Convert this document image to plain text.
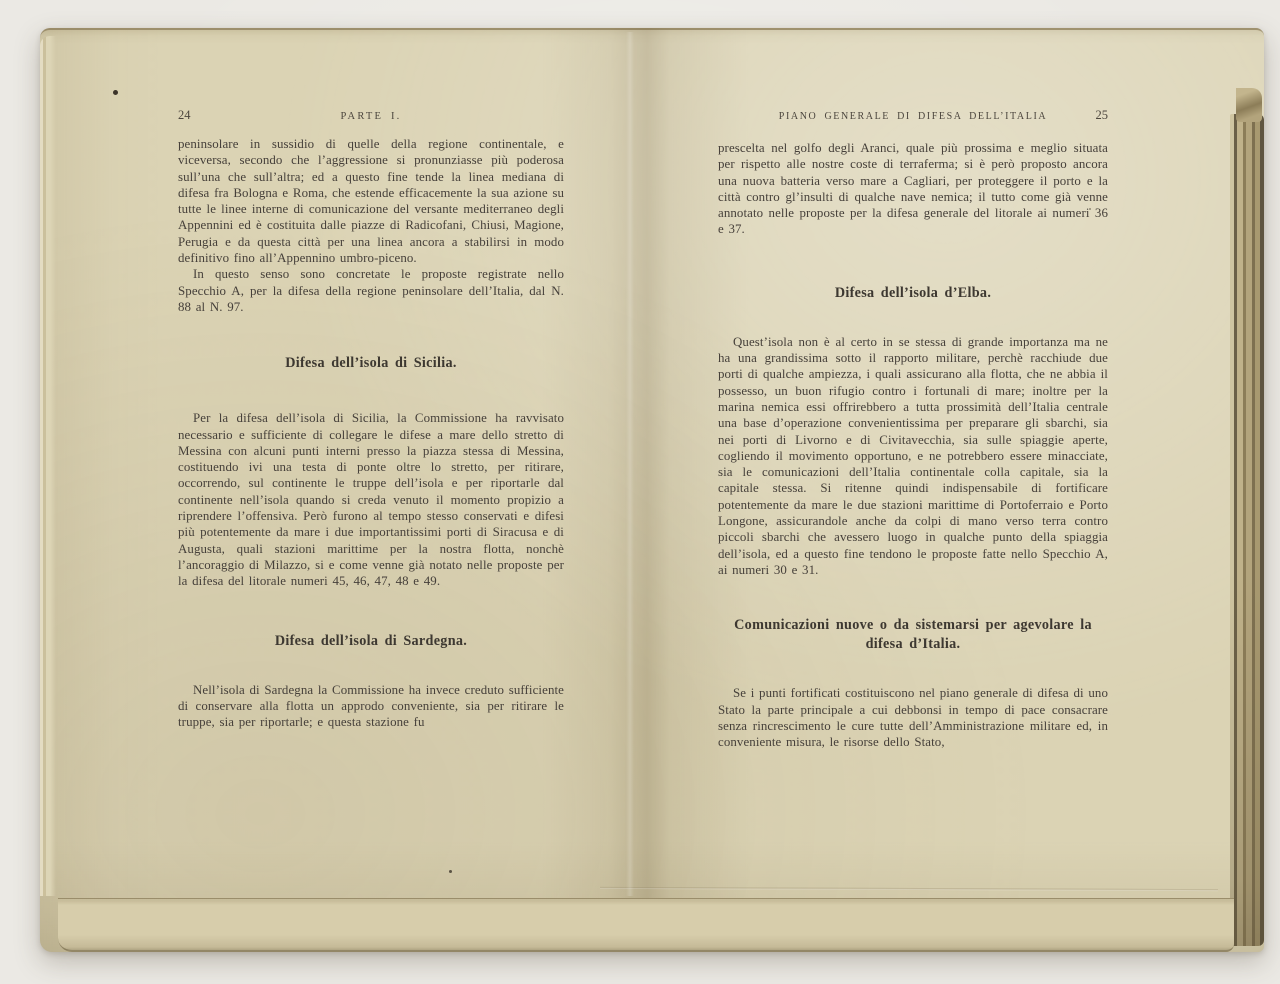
24	PARTE I.

peninsolare in sussidio di quelle della regione continentale, e viceversa, secondo che l’aggressione si pronunziasse più poderosa sull’una che sull’altra; ed a questo fine tende la linea mediana di difesa fra Bologna e Roma, che estende efficacemente la sua azione su tutte le linee interne di comunicazione del versante mediterraneo degli Appennini ed è costituita dalle piazze di Radicofani, Chiusi, Magione, Perugia e da questa città per una linea ancora a stabilirsi in modo definitivo fino all’Appennino umbro-piceno.

In questo senso sono concretate le proposte registrate nello Specchio A, per la difesa della regione peninsolare dell’Italia, dal N. 88 al N. 97.

Difesa dell’isola di Sicilia.

Per la difesa dell’isola di Sicilia, la Commissione ha ravvisato necessario e sufficiente di collegare le difese a mare dello stretto di Messina con alcuni punti interni presso la piazza stessa di Messina, costituendo ivi una testa di ponte oltre lo stretto, per ritirare, occorrendo, sul continente le truppe dell’isola e per riportarle dal continente nell’isola quando si creda venuto il momento propizio a riprendere l’offensiva. Però furono al tempo stesso conservati e difesi più potentemente da mare i due importantissimi porti di Siracusa e di Augusta, quali stazioni marittime per la nostra flotta, nonchè l’ancoraggio di Milazzo, si e come venne già notato nelle proposte per la difesa del litorale numeri 45, 46, 47, 48 e 49.

Difesa dell’isola di Sardegna.

Nell’isola di Sardegna la Commissione ha invece creduto sufficiente di conservare alla flotta un approdo conveniente, sia per ritirare le truppe, sia per riportarle; e questa stazione fu

PIANO GENERALE DI DIFESA DELL’ITALIA	25

prescelta nel golfo degli Aranci, quale più prossima e meglio situata per rispetto alle nostre coste di terraferma; si è però proposto ancora una nuova batteria verso mare a Cagliari, per proteggere il porto e la città contro gl’insulti di qualche nave nemica; il tutto come già venne annotato nelle proposte per la difesa generale del litorale ai numeri 36 e 37.

Difesa dell’isola d’Elba.

Quest’isola non è al certo in se stessa di grande importanza ma ne ha una grandissima sotto il rapporto militare, perchè racchiude due porti di qualche ampiezza, i quali assicurano alla flotta, che ne abbia il possesso, un buon rifugio contro i fortunali di mare; inoltre per la marina nemica essi offrirebbero a tutta prossimità dell’Italia centrale una base d’operazione convenientissima per preparare gli sbarchi, sia nei porti di Livorno e di Civitavecchia, sia sulle spiaggie aperte, cogliendo il movimento opportuno, e ne potrebbero essere minacciate, sia le comunicazioni dell’Italia continentale colla capitale, sia la capitale stessa. Si ritenne quindi indispensabile di fortificare potentemente da mare le due stazioni marittime di Portoferraio e Porto Longone, assicurandole anche da colpi di mano verso terra contro piccoli sbarchi che avessero luogo in qualche punto della spiaggia dell’isola, ed a questo fine tendono le proposte fatte nello Specchio A, ai numeri 30 e 31.

Comunicazioni nuove o da sistemarsi per agevolare la difesa d’Italia.

Se i punti fortificati costituiscono nel piano generale di difesa di uno Stato la parte principale a cui debbonsi in tempo di pace consacrare senza rincrescimento le cure tutte dell’Amministrazione militare ed, in conveniente misura, le risorse dello Stato,
